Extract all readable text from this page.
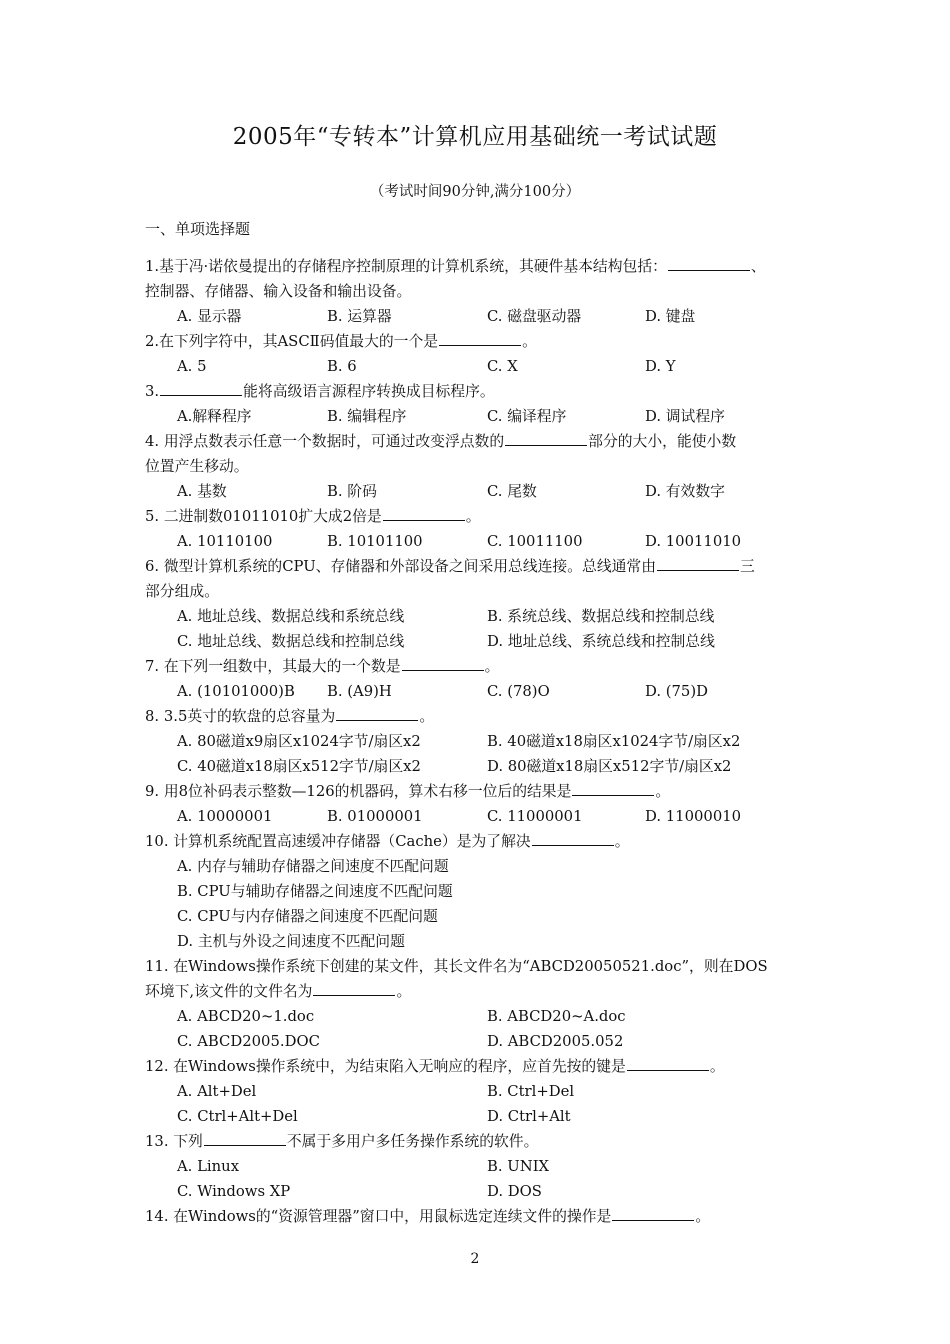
2005年“专转本”计算机应用基础统一考试试题
（考试时间90分钟,满分100分）
一、单项选择题
1.基于冯·诺依曼提出的存储程序控制原理的计算机系统，其硬件基本结构包括：	、
控制器、存储器、输入设备和输出设备。
A. 显示器	B. 运算器	C. 磁盘驱动器	D. 键盘
2.在下列字符中，其ASCⅡ码值最大的一个是	。
A. 5	B. 6	C. X	D. Y
3.	能将高级语言源程序转换成目标程序。
A.解释程序	B. 编辑程序	C. 编译程序	D. 调试程序
4. 用浮点数表示任意一个数据时，可通过改变浮点数的	部分的大小，能使小数
位置产生移动。
A. 基数	B. 阶码	C. 尾数	D. 有效数字
5. 二进制数01011010扩大成2倍是	。
A. 10110100	B. 10101100	C. 10011100	D. 10011010
6. 微型计算机系统的CPU、存储器和外部设备之间采用总线连接。总线通常由	三
部分组成。
A. 地址总线、数据总线和系统总线	B. 系统总线、数据总线和控制总线
C. 地址总线、数据总线和控制总线	D. 地址总线、系统总线和控制总线
7. 在下列一组数中，其最大的一个数是	。
A. (10101000)B B. (A9)H	C. (78)O	D. (75)D
8. 3.5英寸的软盘的总容量为	。
A. 80磁道x9扇区x1024字节/扇区x2	B. 40磁道x18扇区x1024字节/扇区x2
C. 40磁道x18扇区x512字节/扇区x2	D. 80磁道x18扇区x512字节/扇区x2
9. 用8位补码表示整数—126的机器码，算术右移一位后的结果是	。
A. 10000001	B. 01000001	C. 11000001	D. 11000010
10. 计算机系统配置高速缓冲存储器（Cache）是为了解决	。
A. 内存与辅助存储器之间速度不匹配问题
B. CPU与辅助存储器之间速度不匹配问题
C. CPU与内存储器之间速度不匹配问题
D. 主机与外设之间速度不匹配问题
11. 在Windows操作系统下创建的某文件，其长文件名为“ABCD20050521.doc”，则在DOS
环境下,该文件的文件名为	。
A. ABCD20~1.doc	B. ABCD20~A.doc
C. ABCD2005.DOC	D. ABCD2005.052
12. 在Windows操作系统中，为结束陷入无响应的程序，应首先按的键是	。
A. Alt+Del	B. Ctrl+Del
C. Ctrl+Alt+Del	D. Ctrl+Alt
13. 下列	不属于多用户多任务操作系统的软件。
A. Linux	B. UNIX
C. Windows XP	D. DOS
14. 在Windows的“资源管理器”窗口中，用鼠标选定连续文件的操作是	。
2
